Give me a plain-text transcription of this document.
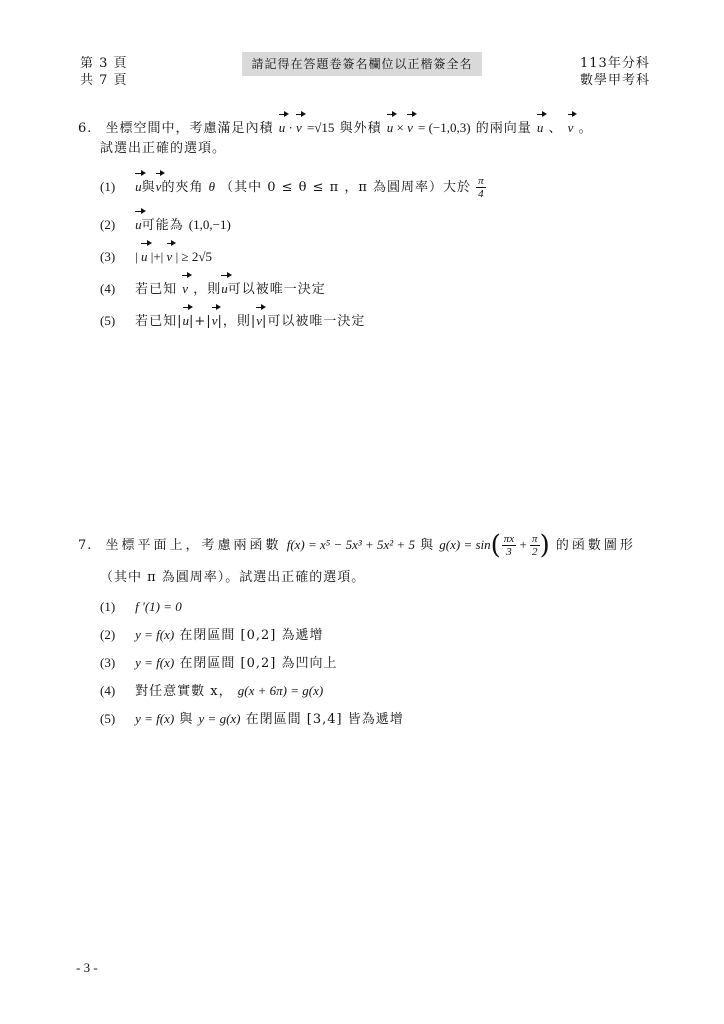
第 3 頁
共 7 頁
請記得在答題卷簽名欄位以正楷簽全名	113年分科
數學甲考科
6. 坐標空間中，考慮滿足內積 u · v =√15 與外積 u × v = (−1,0,3) 的兩向量 u 、 v 。
試選出正確的選項。
(1) u與v的夾角 θ （其中 0 ≤ θ ≤ π ，π 為圓周率）大於 $\frac{\pi}{4}$
(2) u可能為 (1,0,−1)
(3) | u |+| v | ≥ 2√5
(4) 若已知 v ，則u可以被唯一決定
(5) 若已知|u|+|v|，則|v|可以被唯一決定
7. 坐標平面上，考慮兩函數 f(x) = x⁵ − 5x³ + 5x² + 5 與 $g(x) = \sin( \frac{\pi x}{3} + \frac{\pi}{2}$ ) 的函數圖形
（其中 π 為圓周率）。試選出正確的選項。
(1) f ′(1) = 0
(2) y = f(x) 在閉區間 [0,2] 為遞增
(3) y = f(x) 在閉區間 [0,2] 為凹向上
(4) 對任意實數 x， g(x + 6π) = g(x)
(5) y = f(x) 與 y = g(x) 在閉區間 [3,4] 皆為遞增
- 3 -
